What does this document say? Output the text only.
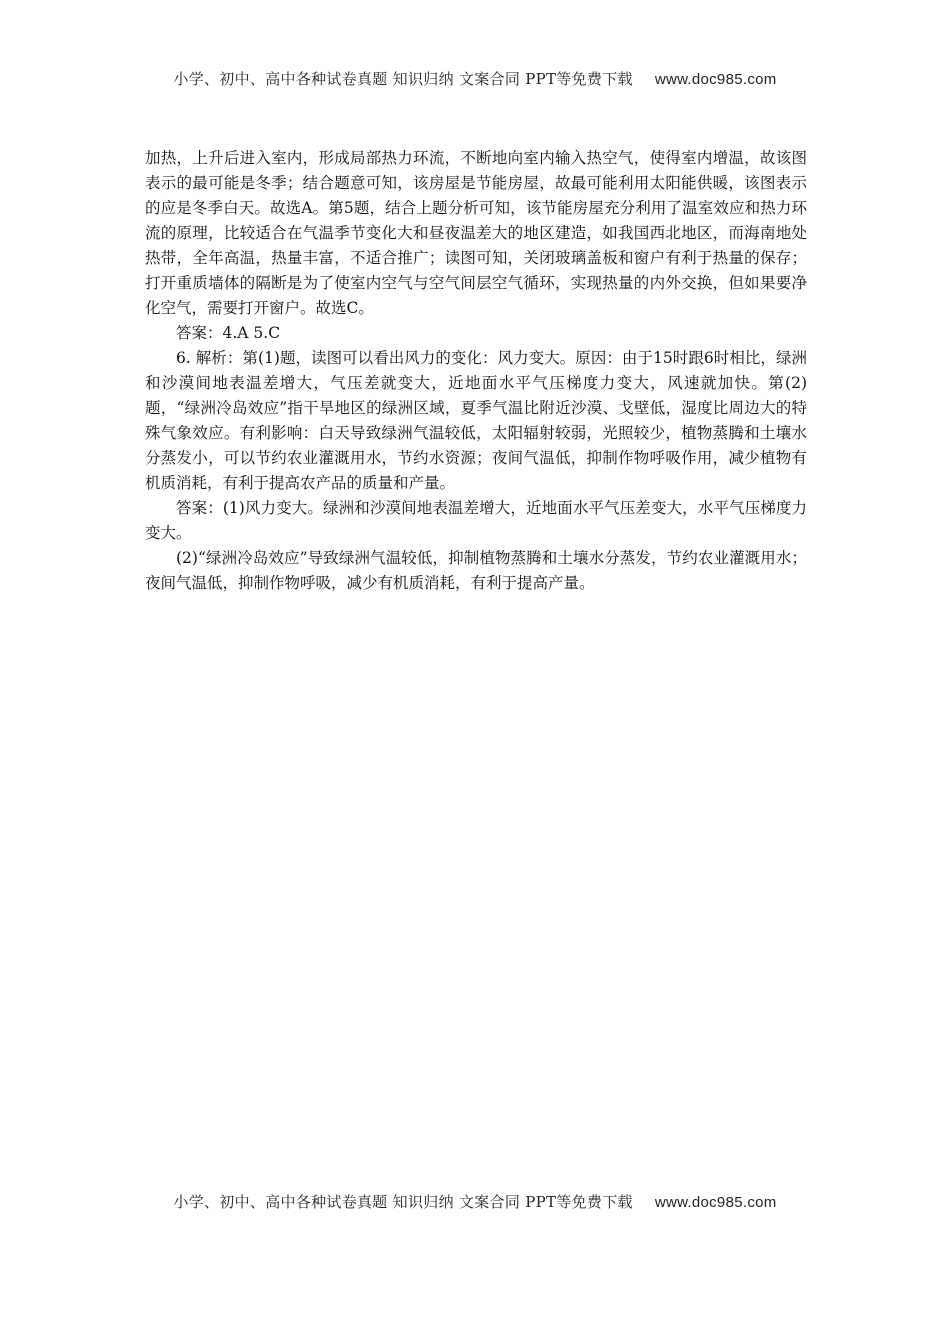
小学、初中、高中各种试卷真题 知识归纳 文案合同 PPT等免费下载 www.doc985.com

加热，上升后进入室内，形成局部热力环流，不断地向室内输入热空气，使得室内增温，故该图表示的最可能是冬季；结合题意可知，该房屋是节能房屋，故最可能利用太阳能供暖，该图表示的应是冬季白天。故选A。第5题，结合上题分析可知，该节能房屋充分利用了温室效应和热力环流的原理，比较适合在气温季节变化大和昼夜温差大的地区建造，如我国西北地区，而海南地处热带，全年高温，热量丰富，不适合推广；读图可知，关闭玻璃盖板和窗户有利于热量的保存；打开重质墙体的隔断是为了使室内空气与空气间层空气循环，实现热量的内外交换，但如果要净化空气，需要打开窗户。故选C。

答案：4.A 5.C

6. 解析：第(1)题，读图可以看出风力的变化：风力变大。原因：由于15时跟6时相比，绿洲和沙漠间地表温差增大，气压差就变大，近地面水平气压梯度力变大，风速就加快。第(2)题，“绿洲冷岛效应”指干旱地区的绿洲区域，夏季气温比附近沙漠、戈壁低，湿度比周边大的特殊气象效应。有利影响：白天导致绿洲气温较低，太阳辐射较弱，光照较少，植物蒸腾和土壤水分蒸发小，可以节约农业灌溉用水，节约水资源；夜间气温低，抑制作物呼吸作用，减少植物有机质消耗，有利于提高农产品的质量和产量。

答案：(1)风力变大。绿洲和沙漠间地表温差增大，近地面水平气压差变大，水平气压梯度力变大。

(2)“绿洲冷岛效应”导致绿洲气温较低，抑制植物蒸腾和土壤水分蒸发，节约农业灌溉用水；夜间气温低，抑制作物呼吸，减少有机质消耗，有利于提高产量。

小学、初中、高中各种试卷真题 知识归纳 文案合同 PPT等免费下载 www.doc985.com
